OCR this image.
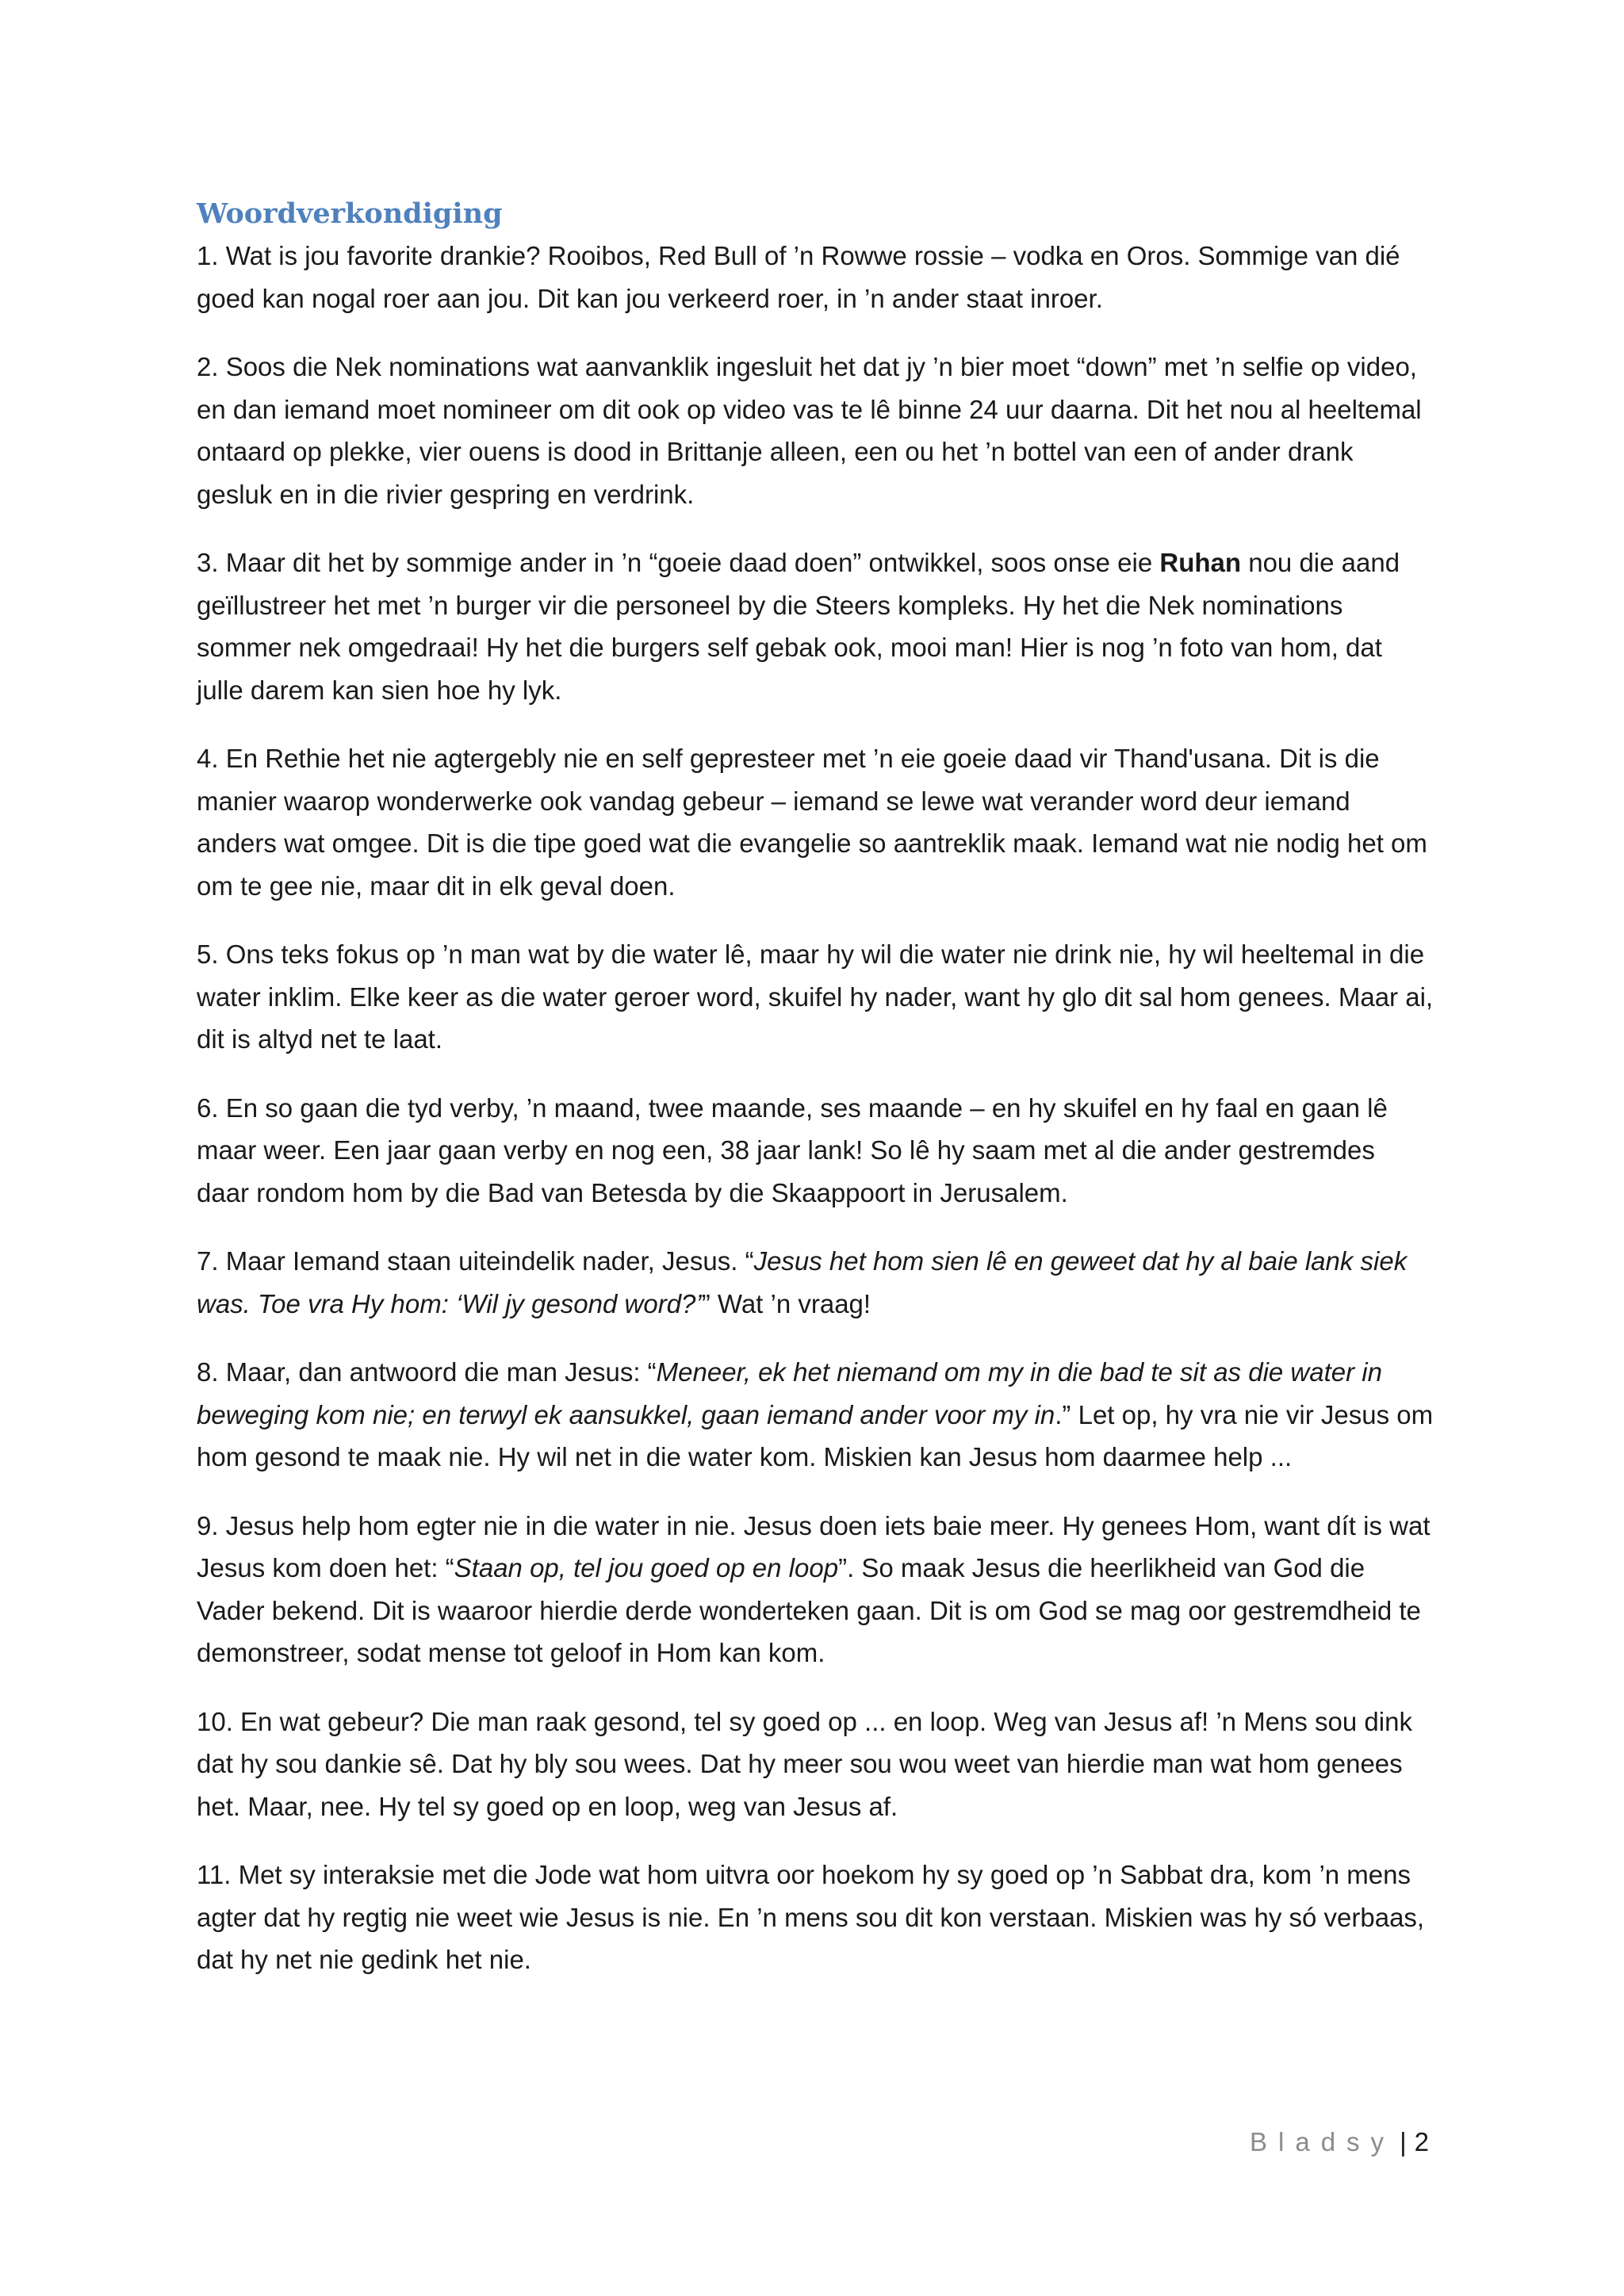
Woordverkondiging

1. Wat is jou favorite drankie? Rooibos, Red Bull of ’n Rowwe rossie – vodka en Oros. Sommige van dié goed kan nogal roer aan jou. Dit kan jou verkeerd roer, in ’n ander staat inroer.

2. Soos die Nek nominations wat aanvanklik ingesluit het dat jy ’n bier moet “down” met ’n selfie op video, en dan iemand moet nomineer om dit ook op video vas te lê binne 24 uur daarna. Dit het nou al heeltemal ontaard op plekke, vier ouens is dood in Brittanje alleen, een ou het ’n bottel van een of ander drank gesluk en in die rivier gespring en verdrink.

3. Maar dit het by sommige ander in ’n “goeie daad doen” ontwikkel, soos onse eie Ruhan nou die aand geïllustreer het met ’n burger vir die personeel by die Steers kompleks. Hy het die Nek nominations sommer nek omgedraai! Hy het die burgers self gebak ook, mooi man! Hier is nog ’n foto van hom, dat julle darem kan sien hoe hy lyk.

4. En Rethie het nie agtergebly nie en self gepresteer met ’n eie goeie daad vir Thand'usana. Dit is die manier waarop wonderwerke ook vandag gebeur – iemand se lewe wat verander word deur iemand anders wat omgee. Dit is die tipe goed wat die evangelie so aantreklik maak. Iemand wat nie nodig het om om te gee nie, maar dit in elk geval doen.

5. Ons teks fokus op ’n man wat by die water lê, maar hy wil die water nie drink nie, hy wil heeltemal in die water inklim. Elke keer as die water geroer word, skuifel hy nader, want hy glo dit sal hom genees. Maar ai, dit is altyd net te laat.

6. En so gaan die tyd verby, ’n maand, twee maande, ses maande – en hy skuifel en hy faal en gaan lê maar weer. Een jaar gaan verby en nog een, 38 jaar lank! So lê hy saam met al die ander gestremdes daar rondom hom by die Bad van Betesda by die Skaappoort in Jerusalem.

7. Maar Iemand staan uiteindelik nader, Jesus. “Jesus het hom sien lê en geweet dat hy al baie lank siek was. Toe vra Hy hom: ‘Wil jy gesond word?’” Wat ’n vraag!

8. Maar, dan antwoord die man Jesus: “Meneer, ek het niemand om my in die bad te sit as die water in beweging kom nie; en terwyl ek aansukkel, gaan iemand ander voor my in.” Let op, hy vra nie vir Jesus om hom gesond te maak nie. Hy wil net in die water kom. Miskien kan Jesus hom daarmee help ...

9. Jesus help hom egter nie in die water in nie. Jesus doen iets baie meer. Hy genees Hom, want dít is wat Jesus kom doen het: “Staan op, tel jou goed op en loop”. So maak Jesus die heerlikheid van God die Vader bekend. Dit is waaroor hierdie derde wonderteken gaan. Dit is om God se mag oor gestremdheid te demonstreer, sodat mense tot geloof in Hom kan kom.

10. En wat gebeur? Die man raak gesond, tel sy goed op ... en loop. Weg van Jesus af! ’n Mens sou dink dat hy sou dankie sê. Dat hy bly sou wees. Dat hy meer sou wou weet van hierdie man wat hom genees het. Maar, nee. Hy tel sy goed op en loop, weg van Jesus af.

11. Met sy interaksie met die Jode wat hom uitvra oor hoekom hy sy goed op ’n Sabbat dra, kom ’n mens agter dat hy regtig nie weet wie Jesus is nie. En ’n mens sou dit kon verstaan. Miskien was hy só verbaas, dat hy net nie gedink het nie.

Bladsy | 2
